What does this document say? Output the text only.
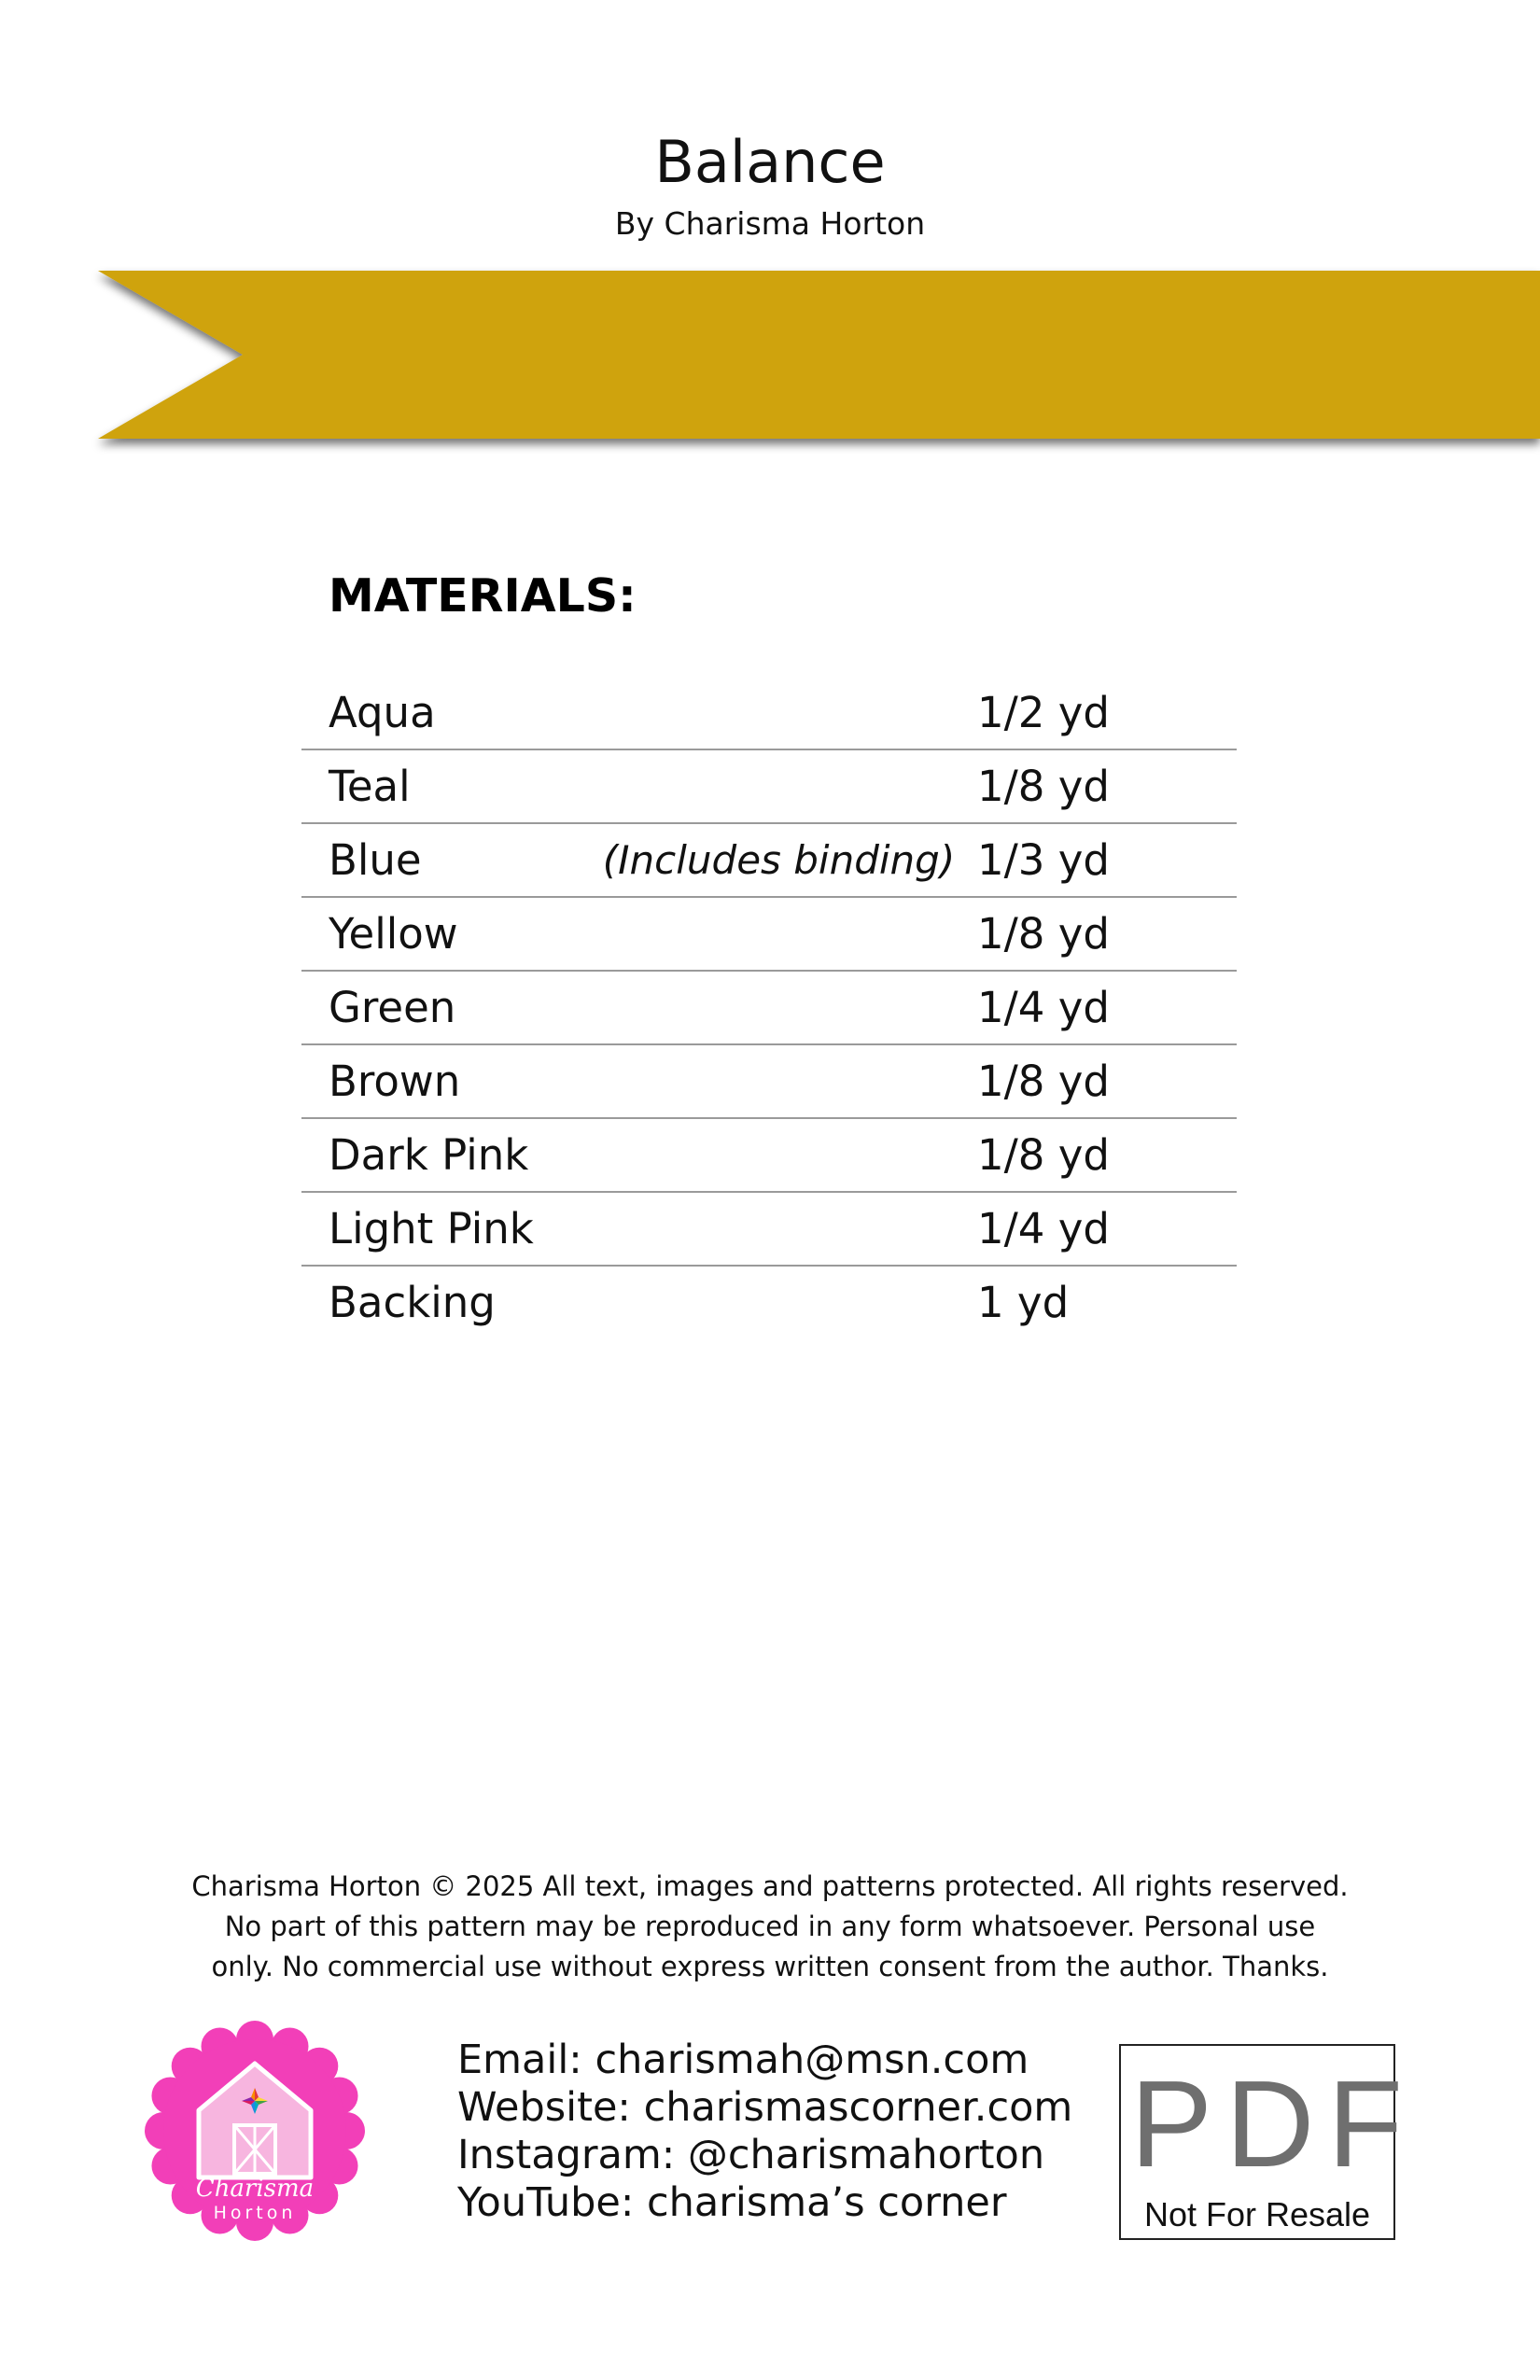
Balance
By Charisma Horton
MATERIALS:
Aqua		1/2 yd
Teal		1/8 yd
Blue	(Includes binding)	1/3 yd
Yellow		1/8 yd
Green		1/4 yd
Brown		1/8 yd
Dark Pink		1/8 yd
Light Pink		1/4 yd
Backing		1 yd
Charisma Horton © 2025 All text, images and patterns protected. All rights reserved.
No part of this pattern may be reproduced in any form whatsoever. Personal use
only. No commercial use without express written consent from the author. Thanks.
Charisma
Horton
Email: charismah@msn.com
Website: charismascorner.com
Instagram: @charismahorton
YouTube: charisma’s corner
PDF
Not For Resale
